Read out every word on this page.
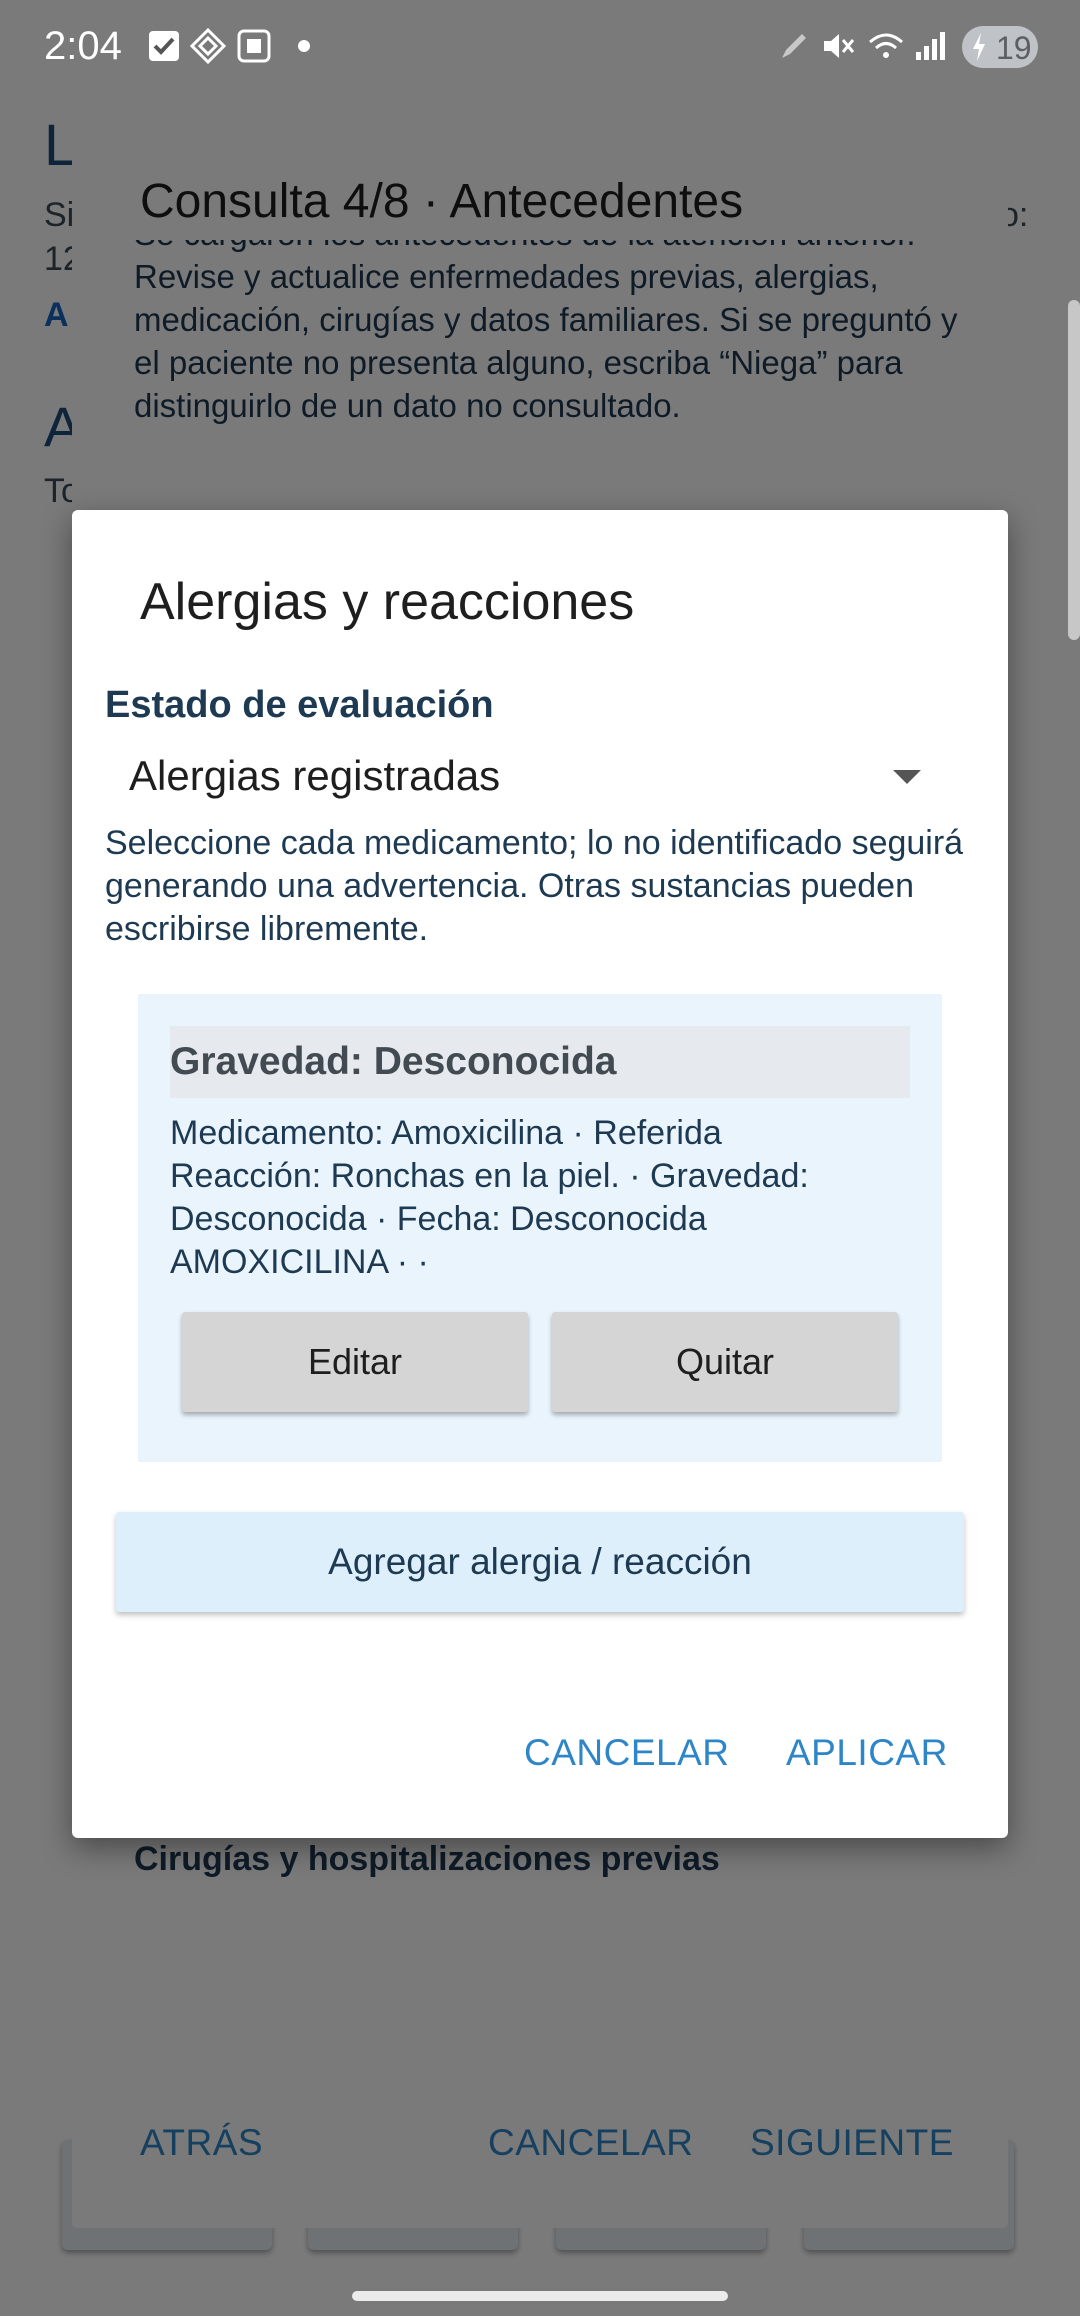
2:04	19
Alergias y reacciones
Estado de evaluación
Alergias registradas
Seleccione cada medicamento; lo no identificado seguirá generando una advertencia. Otras sustancias pueden escribirse libremente.
Gravedad: Desconocida
Medicamento: Amoxicilina · Referida
Reacción: Ronchas en la piel. · Gravedad:
Desconocida · Fecha: Desconocida
AMOXICILINA · ·
Editar	Quitar
Agregar alergia / reacción
CANCELAR APLICAR
